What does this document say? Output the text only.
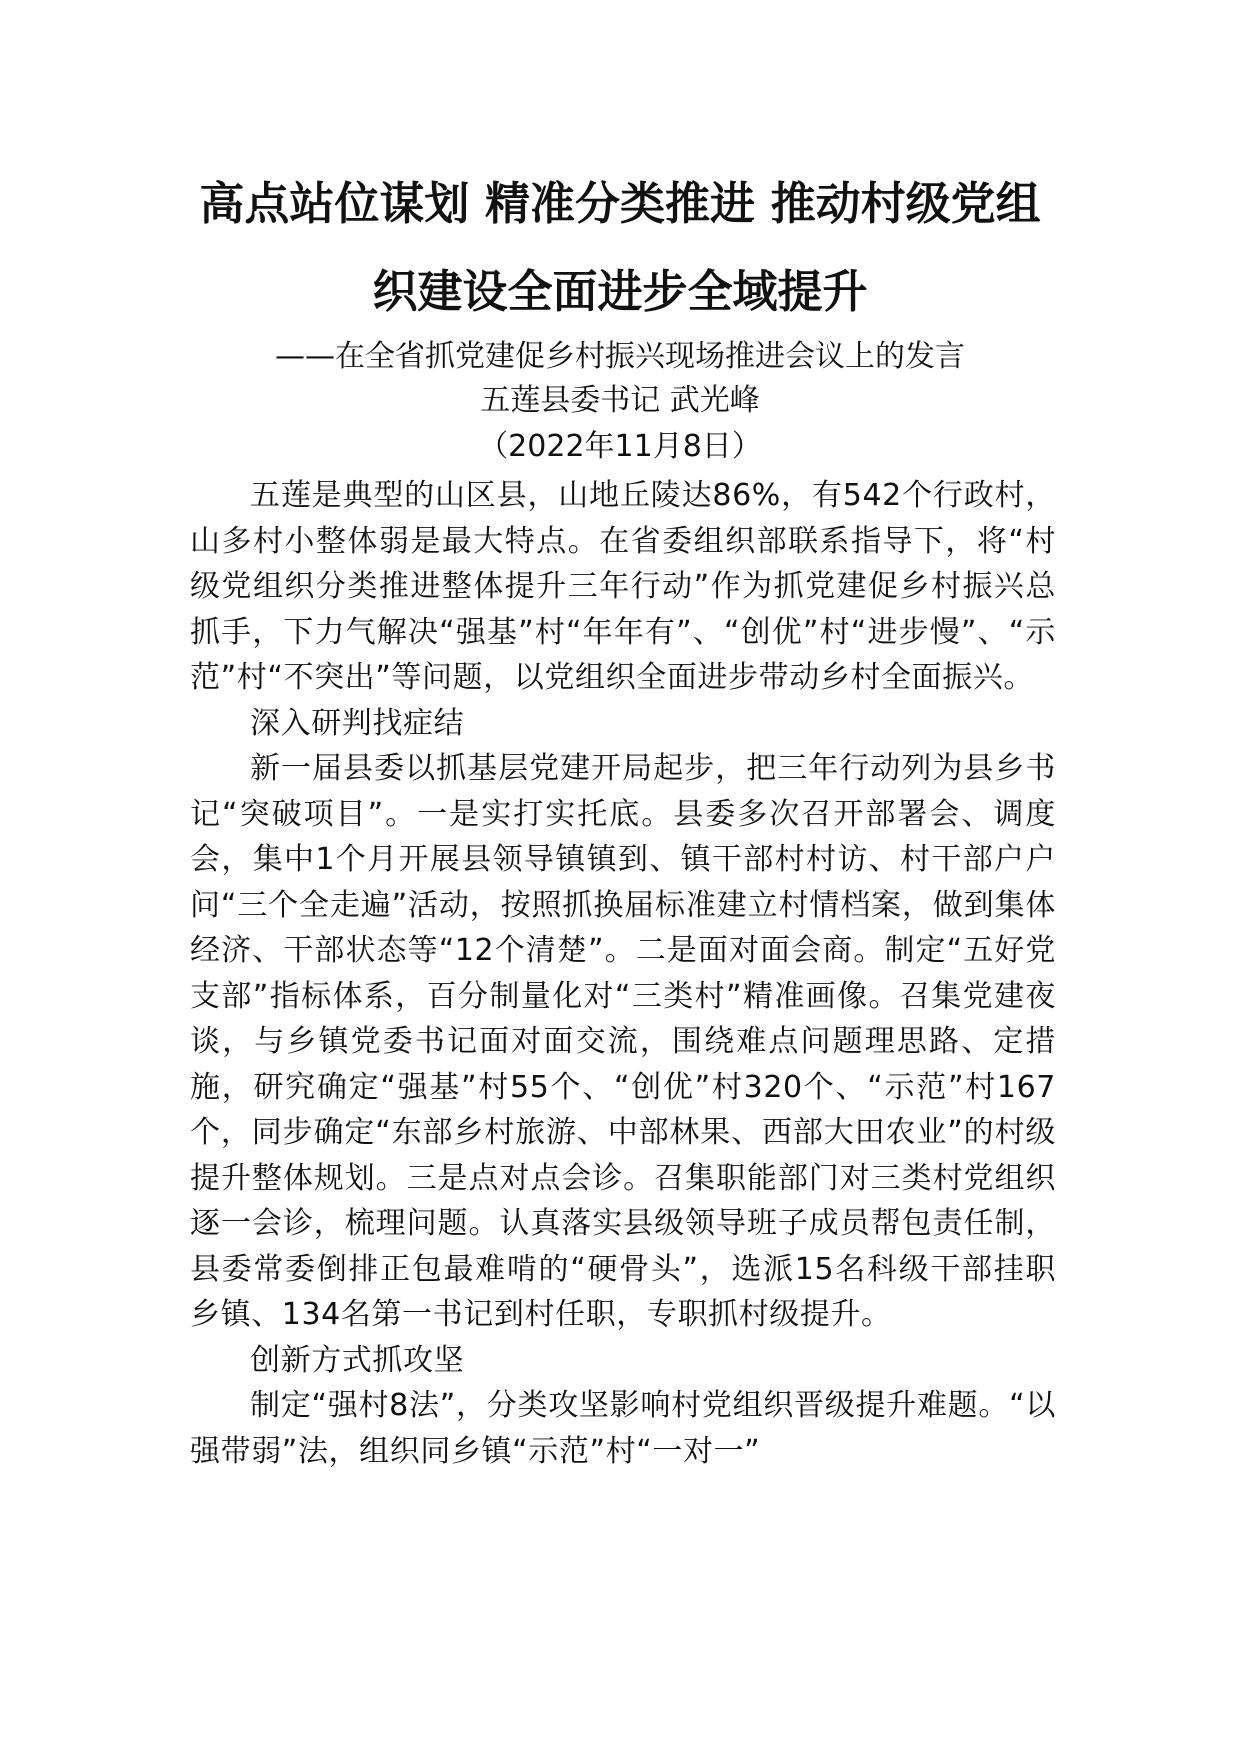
高点站位谋划 精准分类推进 推动村级党组
织建设全面进步全域提升
——在全省抓党建促乡村振兴现场推进会议上的发言
五莲县委书记 武光峰
（2022年11月8日）

五莲是典型的山区县，山地丘陵达86%，有542个行政村，山多村小整体弱是最大特点。在省委组织部联系指导下，将“村级党组织分类推进整体提升三年行动”作为抓党建促乡村振兴总抓手，下力气解决“强基”村“年年有”、“创优”村“进步慢”、“示范”村“不突出”等问题，以党组织全面进步带动乡村全面振兴。

深入研判找症结

新一届县委以抓基层党建开局起步，把三年行动列为县乡书记“突破项目”。一是实打实托底。县委多次召开部署会、调度会，集中1个月开展县领导镇镇到、镇干部村村访、村干部户户问“三个全走遍”活动，按照抓换届标准建立村情档案，做到集体经济、干部状态等“12个清楚”。二是面对面会商。制定“五好党支部”指标体系，百分制量化对“三类村”精准画像。召集党建夜谈，与乡镇党委书记面对面交流，围绕难点问题理思路、定措施，研究确定“强基”村55个、“创优”村320个、“示范”村167个，同步确定“东部乡村旅游、中部林果、西部大田农业”的村级提升整体规划。三是点对点会诊。召集职能部门对三类村党组织逐一会诊，梳理问题。认真落实县级领导班子成员帮包责任制，县委常委倒排正包最难啃的“硬骨头”，选派15名科级干部挂职乡镇、134名第一书记到村任职，专职抓村级提升。

创新方式抓攻坚

制定“强村8法”，分类攻坚影响村党组织晋级提升难题。“以强带弱”法，组织同乡镇“示范”村“一对一”
